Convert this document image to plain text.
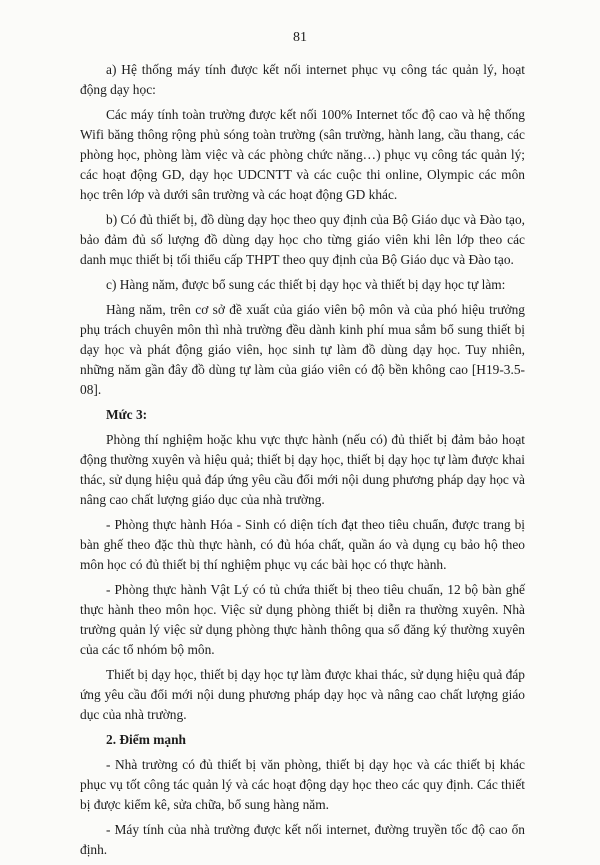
81

a) Hệ thống máy tính được kết nối internet phục vụ công tác quản lý, hoạt động dạy học:

Các máy tính toàn trường được kết nối 100% Internet tốc độ cao và hệ thống Wifi băng thông rộng phủ sóng toàn trường (sân trường, hành lang, cầu thang, các phòng học, phòng làm việc và các phòng chức năng…) phục vụ công tác quản lý; các hoạt động GD, dạy học UDCNTT và các cuộc thi online, Olympic các môn học trên lớp và dưới sân trường và các hoạt động GD khác.

b) Có đủ thiết bị, đồ dùng dạy học theo quy định của Bộ Giáo dục và Đào tạo, bảo đảm đủ số lượng đồ dùng dạy học cho từng giáo viên khi lên lớp theo các danh mục thiết bị tối thiểu cấp THPT theo quy định của Bộ Giáo dục và Đào tạo.

c) Hàng năm, được bổ sung các thiết bị dạy học và thiết bị dạy học tự làm:

Hàng năm, trên cơ sở đề xuất của giáo viên bộ môn và của phó hiệu trưởng phụ trách chuyên môn thì nhà trường đều dành kinh phí mua sắm bổ sung thiết bị dạy học và phát động giáo viên, học sinh tự làm đồ dùng dạy học. Tuy nhiên, những năm gần đây đồ dùng tự làm của giáo viên có độ bền không cao [H19-3.5-08].

Mức 3:

Phòng thí nghiệm hoặc khu vực thực hành (nếu có) đủ thiết bị đảm bảo hoạt động thường xuyên và hiệu quả; thiết bị dạy học, thiết bị dạy học tự làm được khai thác, sử dụng hiệu quả đáp ứng yêu cầu đổi mới nội dung phương pháp dạy học và nâng cao chất lượng giáo dục của nhà trường.

- Phòng thực hành Hóa - Sinh có diện tích đạt theo tiêu chuẩn, được trang bị bàn ghế theo đặc thù thực hành, có đủ hóa chất, quần áo và dụng cụ bảo hộ theo môn học có đủ thiết bị thí nghiệm phục vụ các bài học có thực hành.

- Phòng thực hành Vật Lý có tủ chứa thiết bị theo tiêu chuẩn, 12 bộ bàn ghế thực hành theo môn học. Việc sử dụng phòng thiết bị diễn ra thường xuyên. Nhà trường quản lý việc sử dụng phòng thực hành thông qua sổ đăng ký thường xuyên của các tổ nhóm bộ môn.

Thiết bị dạy học, thiết bị dạy học tự làm được khai thác, sử dụng hiệu quả đáp ứng yêu cầu đổi mới nội dung phương pháp dạy học và nâng cao chất lượng giáo dục của nhà trường.

2. Điểm mạnh

- Nhà trường có đủ thiết bị văn phòng, thiết bị dạy học và các thiết bị khác phục vụ tốt công tác quản lý và các hoạt động dạy học theo các quy định. Các thiết bị được kiểm kê, sửa chữa, bổ sung hàng năm.

- Máy tính của nhà trường được kết nối internet, đường truyền tốc độ cao ổn định.
